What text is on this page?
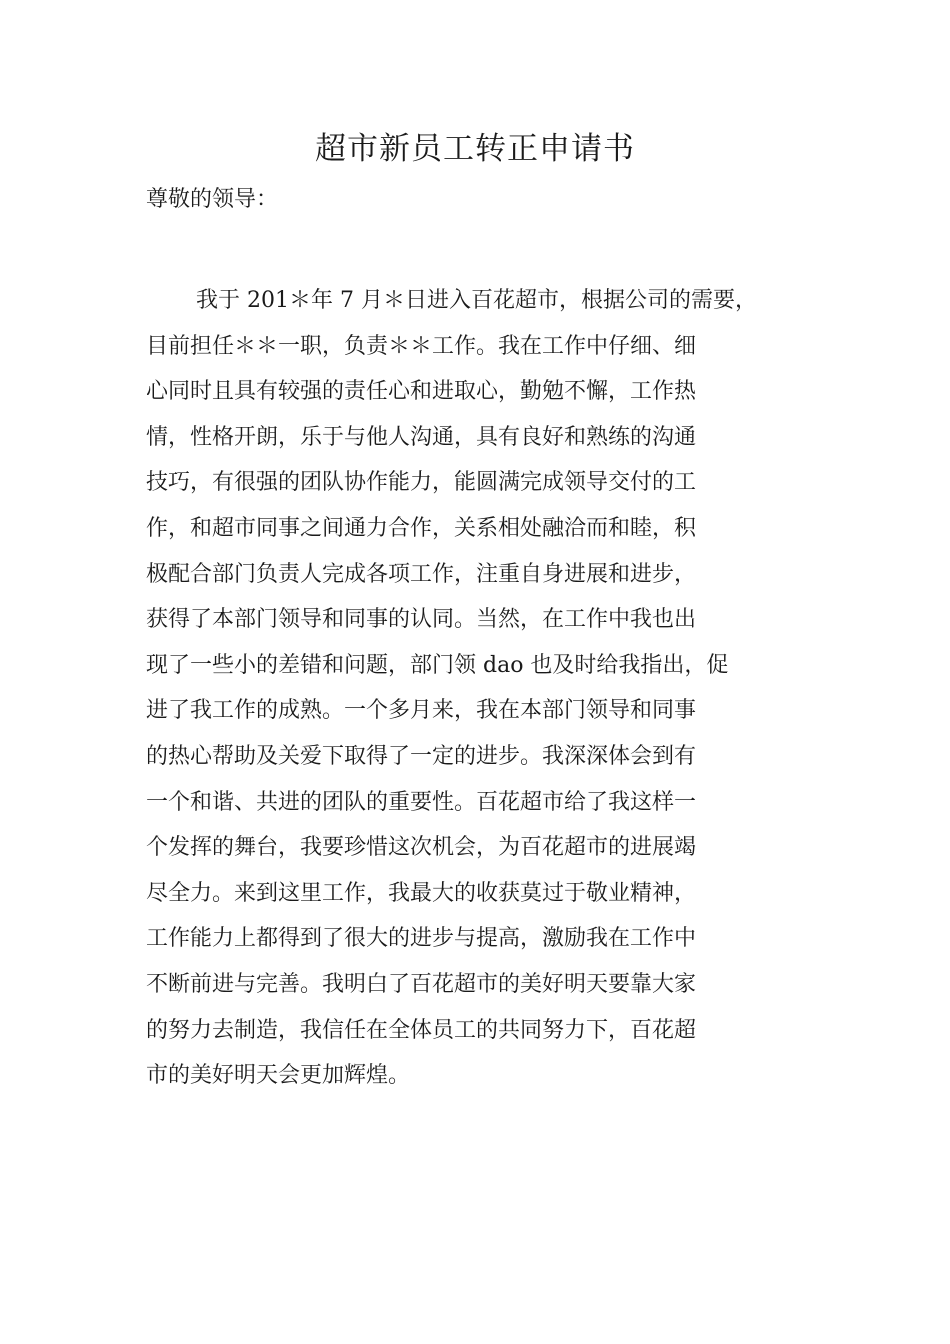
超市新员工转正申请书

尊敬的领导：

我于 201＊年 7 月＊日进入百花超市，根据公司的需要，
目前担任＊＊一职，负责＊＊工作。我在工作中仔细、细
心同时且具有较强的责任心和进取心，勤勉不懈，工作热
情，性格开朗，乐于与他人沟通，具有良好和熟练的沟通
技巧，有很强的团队协作能力，能圆满完成领导交付的工
作，和超市同事之间通力合作，关系相处融洽而和睦，积
极配合部门负责人完成各项工作，注重自身进展和进步，
获得了本部门领导和同事的认同。当然，在工作中我也出
现了一些小的差错和问题，部门领 dao 也及时给我指出，促
进了我工作的成熟。一个多月来，我在本部门领导和同事
的热心帮助及关爱下取得了一定的进步。我深深体会到有
一个和谐、共进的团队的重要性。百花超市给了我这样一
个发挥的舞台，我要珍惜这次机会，为百花超市的进展竭
尽全力。来到这里工作，我最大的收获莫过于敬业精神，
工作能力上都得到了很大的进步与提高，激励我在工作中
不断前进与完善。我明白了百花超市的美好明天要靠大家
的努力去制造，我信任在全体员工的共同努力下，百花超
市的美好明天会更加辉煌。
